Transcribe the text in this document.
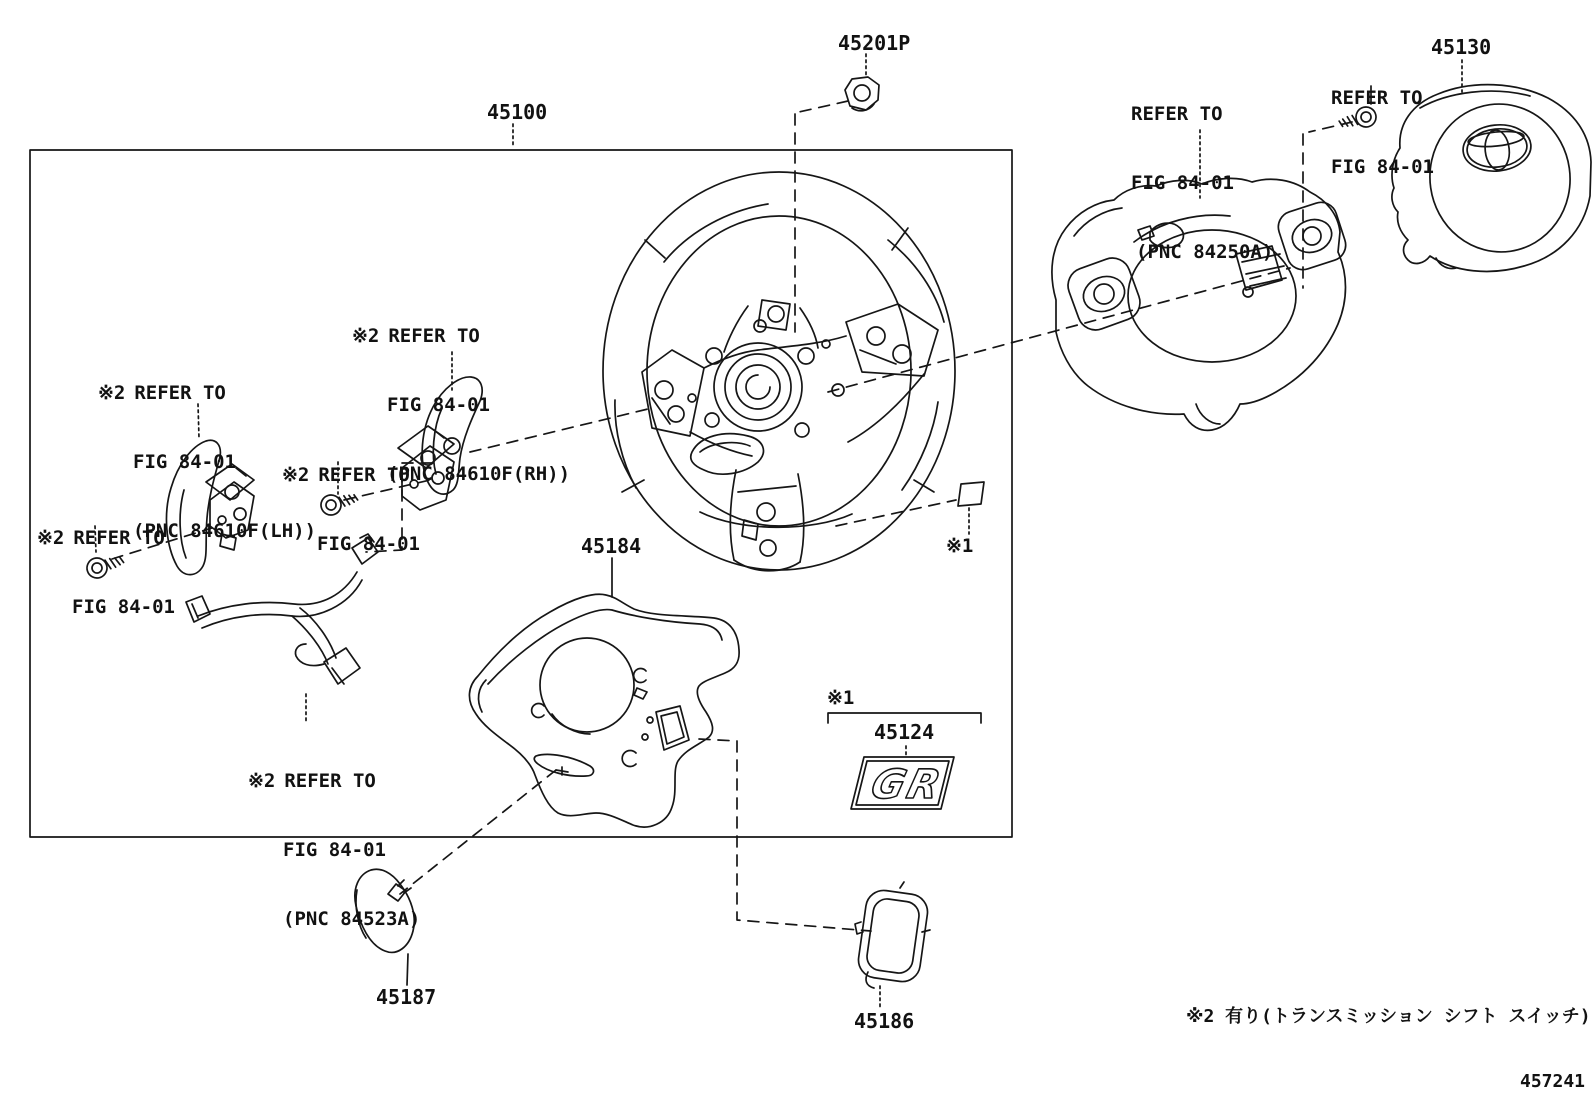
GR
45201P
45100
45130
45184
45124
45187
45186

REFER TO

FIG 84-01

(PNC 84250A)

REFER TO

FIG 84-01

※2 REFER TO

FIG 84-01

(PNC 84610F(RH))

※2 REFER TO

FIG 84-01

(PNC 84610F(LH))

※2 REFER TO

FIG 84-01

※2 REFER TO

FIG 84-01

※2 REFER TO

FIG 84-01

(PNC 84523A)

※1
※1
※2 有り(トランスミッション シフト スイッチ)
457241
